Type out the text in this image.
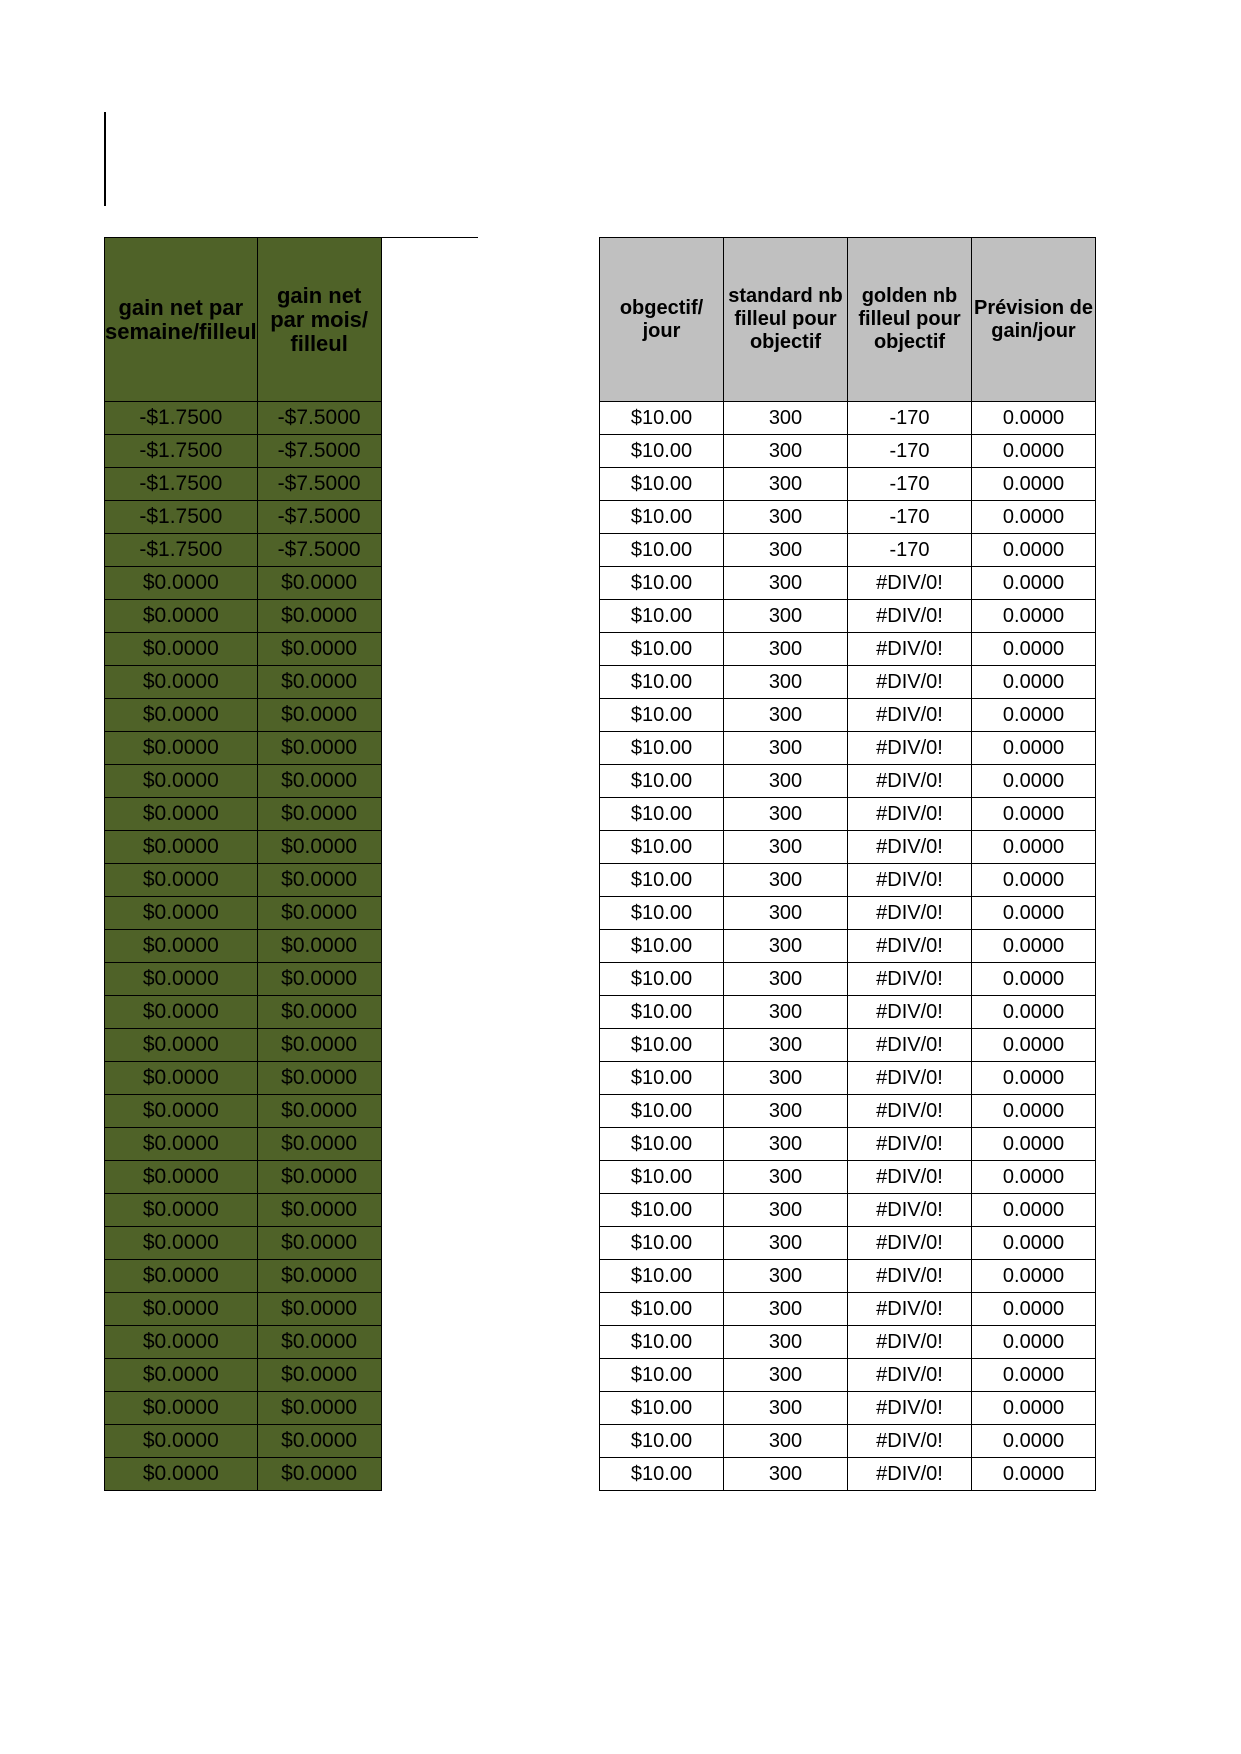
gain net par semaine/filleul	gain net par mois/ filleul
-$1.7500	-$7.5000
-$1.7500	-$7.5000
-$1.7500	-$7.5000
-$1.7500	-$7.5000
-$1.7500	-$7.5000
$0.0000	$0.0000
$0.0000	$0.0000
$0.0000	$0.0000
$0.0000	$0.0000
$0.0000	$0.0000
$0.0000	$0.0000
$0.0000	$0.0000
$0.0000	$0.0000
$0.0000	$0.0000
$0.0000	$0.0000
$0.0000	$0.0000
$0.0000	$0.0000
$0.0000	$0.0000
$0.0000	$0.0000
$0.0000	$0.0000
$0.0000	$0.0000
$0.0000	$0.0000
$0.0000	$0.0000
$0.0000	$0.0000
$0.0000	$0.0000
$0.0000	$0.0000
$0.0000	$0.0000
$0.0000	$0.0000
$0.0000	$0.0000
$0.0000	$0.0000
$0.0000	$0.0000
$0.0000	$0.0000
$0.0000	$0.0000
obgectif/ jour	standard nb filleul pour objectif	golden nb filleul pour objectif	Prévision de gain/jour
$10.00	300	-170	0.0000
$10.00	300	-170	0.0000
$10.00	300	-170	0.0000
$10.00	300	-170	0.0000
$10.00	300	-170	0.0000
$10.00	300	#DIV/0!	0.0000
$10.00	300	#DIV/0!	0.0000
$10.00	300	#DIV/0!	0.0000
$10.00	300	#DIV/0!	0.0000
$10.00	300	#DIV/0!	0.0000
$10.00	300	#DIV/0!	0.0000
$10.00	300	#DIV/0!	0.0000
$10.00	300	#DIV/0!	0.0000
$10.00	300	#DIV/0!	0.0000
$10.00	300	#DIV/0!	0.0000
$10.00	300	#DIV/0!	0.0000
$10.00	300	#DIV/0!	0.0000
$10.00	300	#DIV/0!	0.0000
$10.00	300	#DIV/0!	0.0000
$10.00	300	#DIV/0!	0.0000
$10.00	300	#DIV/0!	0.0000
$10.00	300	#DIV/0!	0.0000
$10.00	300	#DIV/0!	0.0000
$10.00	300	#DIV/0!	0.0000
$10.00	300	#DIV/0!	0.0000
$10.00	300	#DIV/0!	0.0000
$10.00	300	#DIV/0!	0.0000
$10.00	300	#DIV/0!	0.0000
$10.00	300	#DIV/0!	0.0000
$10.00	300	#DIV/0!	0.0000
$10.00	300	#DIV/0!	0.0000
$10.00	300	#DIV/0!	0.0000
$10.00	300	#DIV/0!	0.0000
